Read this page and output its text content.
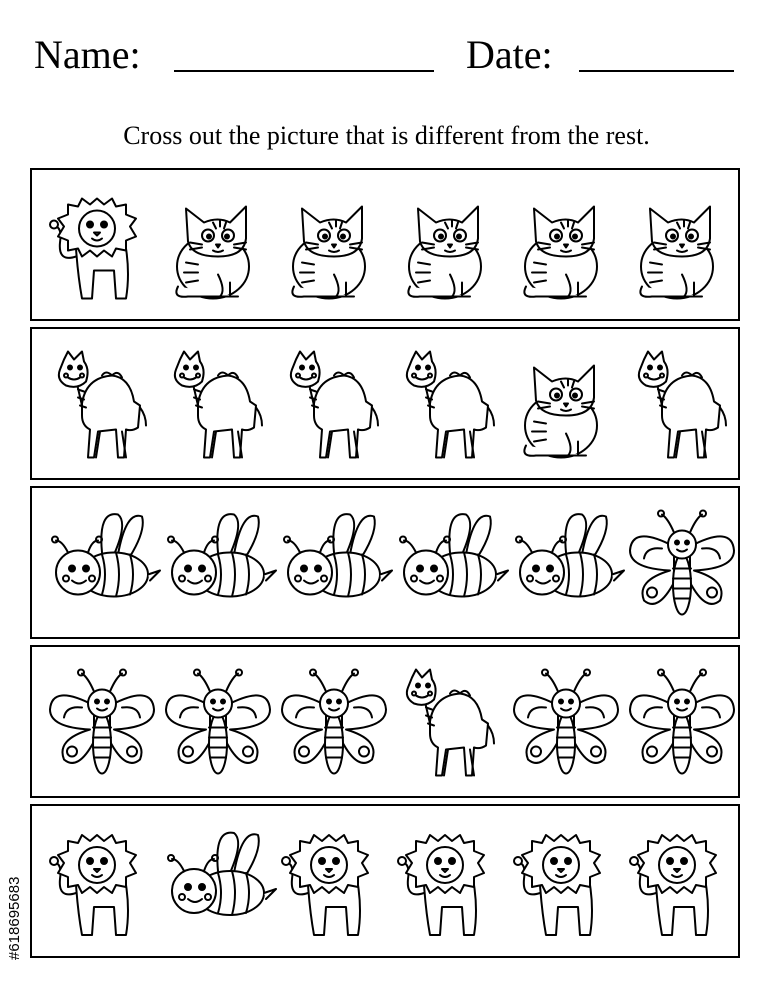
Name:	Date:
Cross out the picture that is different from the rest.
#618695683
